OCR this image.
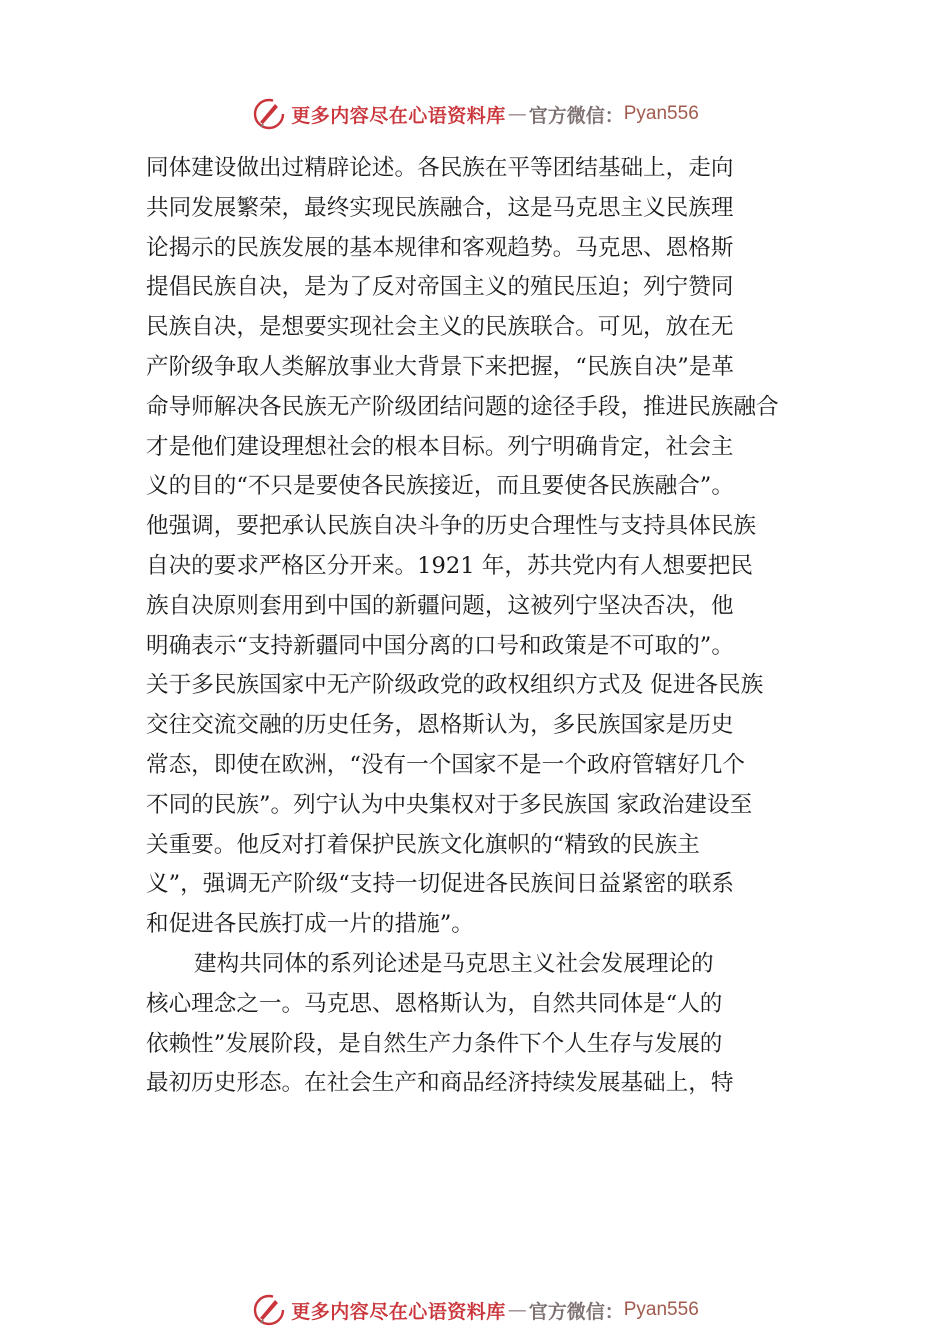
更多内容尽在心语资料库 — 官方微信： Pyan556
同体建设做出过精辟论述。各民族在平等团结基础上，走向
共同发展繁荣，最终实现民族融合，这是马克思主义民族理
论揭示的民族发展的基本规律和客观趋势。马克思、恩格斯
提倡民族自决，是为了反对帝国主义的殖民压迫；列宁赞同
民族自决，是想要实现社会主义的民族联合。可见，放在无
产阶级争取人类解放事业大背景下来把握，“民族自决”是革
命导师解决各民族无产阶级团结问题的途径手段，推进民族融合
才是他们建设理想社会的根本目标。列宁明确肯定，社会主
义的目的“不只是要使各民族接近，而且要使各民族融合”。
他强调，要把承认民族自决斗争的历史合理性与支持具体民族
自决的要求严格区分开来。1921 年，苏共党内有人想要把民
族自决原则套用到中国的新疆问题，这被列宁坚决否决，他
明确表示“支持新疆同中国分离的口号和政策是不可取的”。
关于多民族国家中无产阶级政党的政权组织方式及 促进各民族
交往交流交融的历史任务，恩格斯认为，多民族国家是历史
常态，即使在欧洲，“没有一个国家不是一个政府管辖好几个
不同的民族”。列宁认为中央集权对于多民族国 家政治建设至
关重要。他反对打着保护民族文化旗帜的“精致的民族主
义”，强调无产阶级“支持一切促进各民族间日益紧密的联系
和促进各民族打成一片的措施”。
建构共同体的系列论述是马克思主义社会发展理论的
核心理念之一。马克思、恩格斯认为，自然共同体是“人的
依赖性”发展阶段，是自然生产力条件下个人生存与发展的
最初历史形态。在社会生产和商品经济持续发展基础上，特
更多内容尽在心语资料库 — 官方微信： Pyan556
